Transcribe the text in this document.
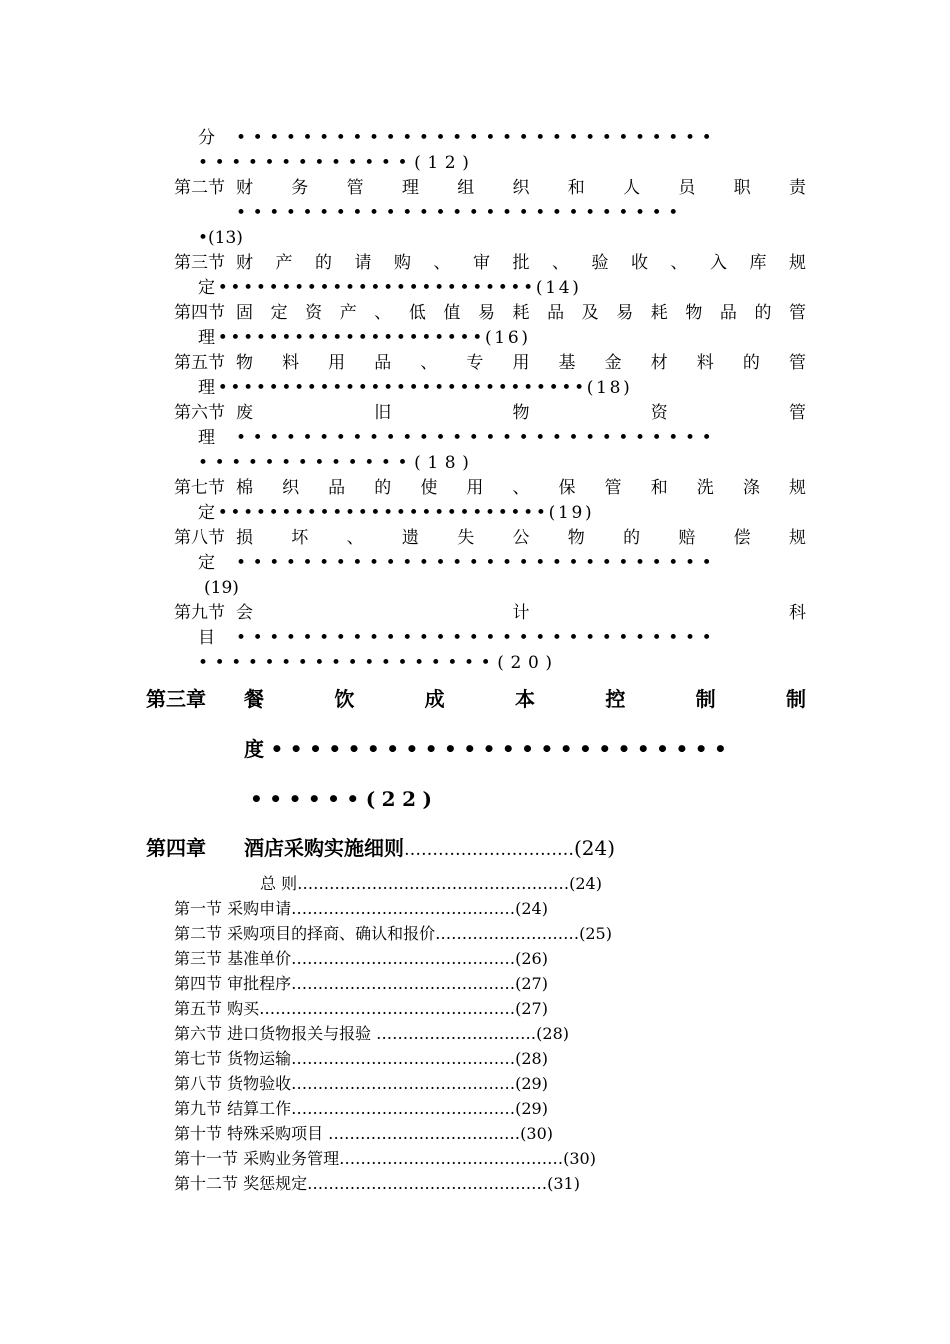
分 •••••••••••••••••••••••••••••
•••••••••••••(12)
第二节 财 务 管 理 组 织 和 人 员 职 责
•••••••••••••••••••••••••••
•(13)
第三节 财 产 的 请 购 、 审 批 、 验 收 、 入 库 规
定•••••••••••••••••••••••••(14)
第四节 固 定 资 产 、 低 值 易 耗 品 及 易 耗 物 品 的 管
理•••••••••••••••••••••(16)
第五节 物 料 用 品 、 专 用 基 金 材 料 的 管
理•••••••••••••••••••••••••••••(18)
第六节 废	旧	物	资	管
理 •••••••••••••••••••••••••••••
•••••••••••••(18)
第七节 棉 织 品 的 使 用 、 保 管 和 洗 涤 规
定••••••••••••••••••••••••••(19)
第八节 损 坏 、 遗 失 公 物 的 赔 偿 规
定 •••••••••••••••••••••••••••••
(19)
第九节 会	计	科
目 •••••••••••••••••••••••••••••
••••••••••••••••••(20)
第三章 餐	饮	成	本	控	制	制
度••••••••••••••••••••••••
••••••(22)
第四章 酒店采购实施细则…………………………(24)
总 则……………………………………………(24)
第一节 采购申请……………………………………(24)
第二节 采购项目的择商、确认和报价………………………(25)
第三节 基准单价……………………………………(26)
第四节 审批程序……………………………………(27)
第五节 购买…………………………………………(27)
第六节 进口货物报关与报验 …………………………(28)
第七节 货物运输……………………………………(28)
第八节 货物验收……………………………………(29)
第九节 结算工作……………………………………(29)
第十节 特殊采购项目 ………………………………(30)
第十一节 采购业务管理……………………………………(30)
第十二节 奖惩规定………………………………………(31)
